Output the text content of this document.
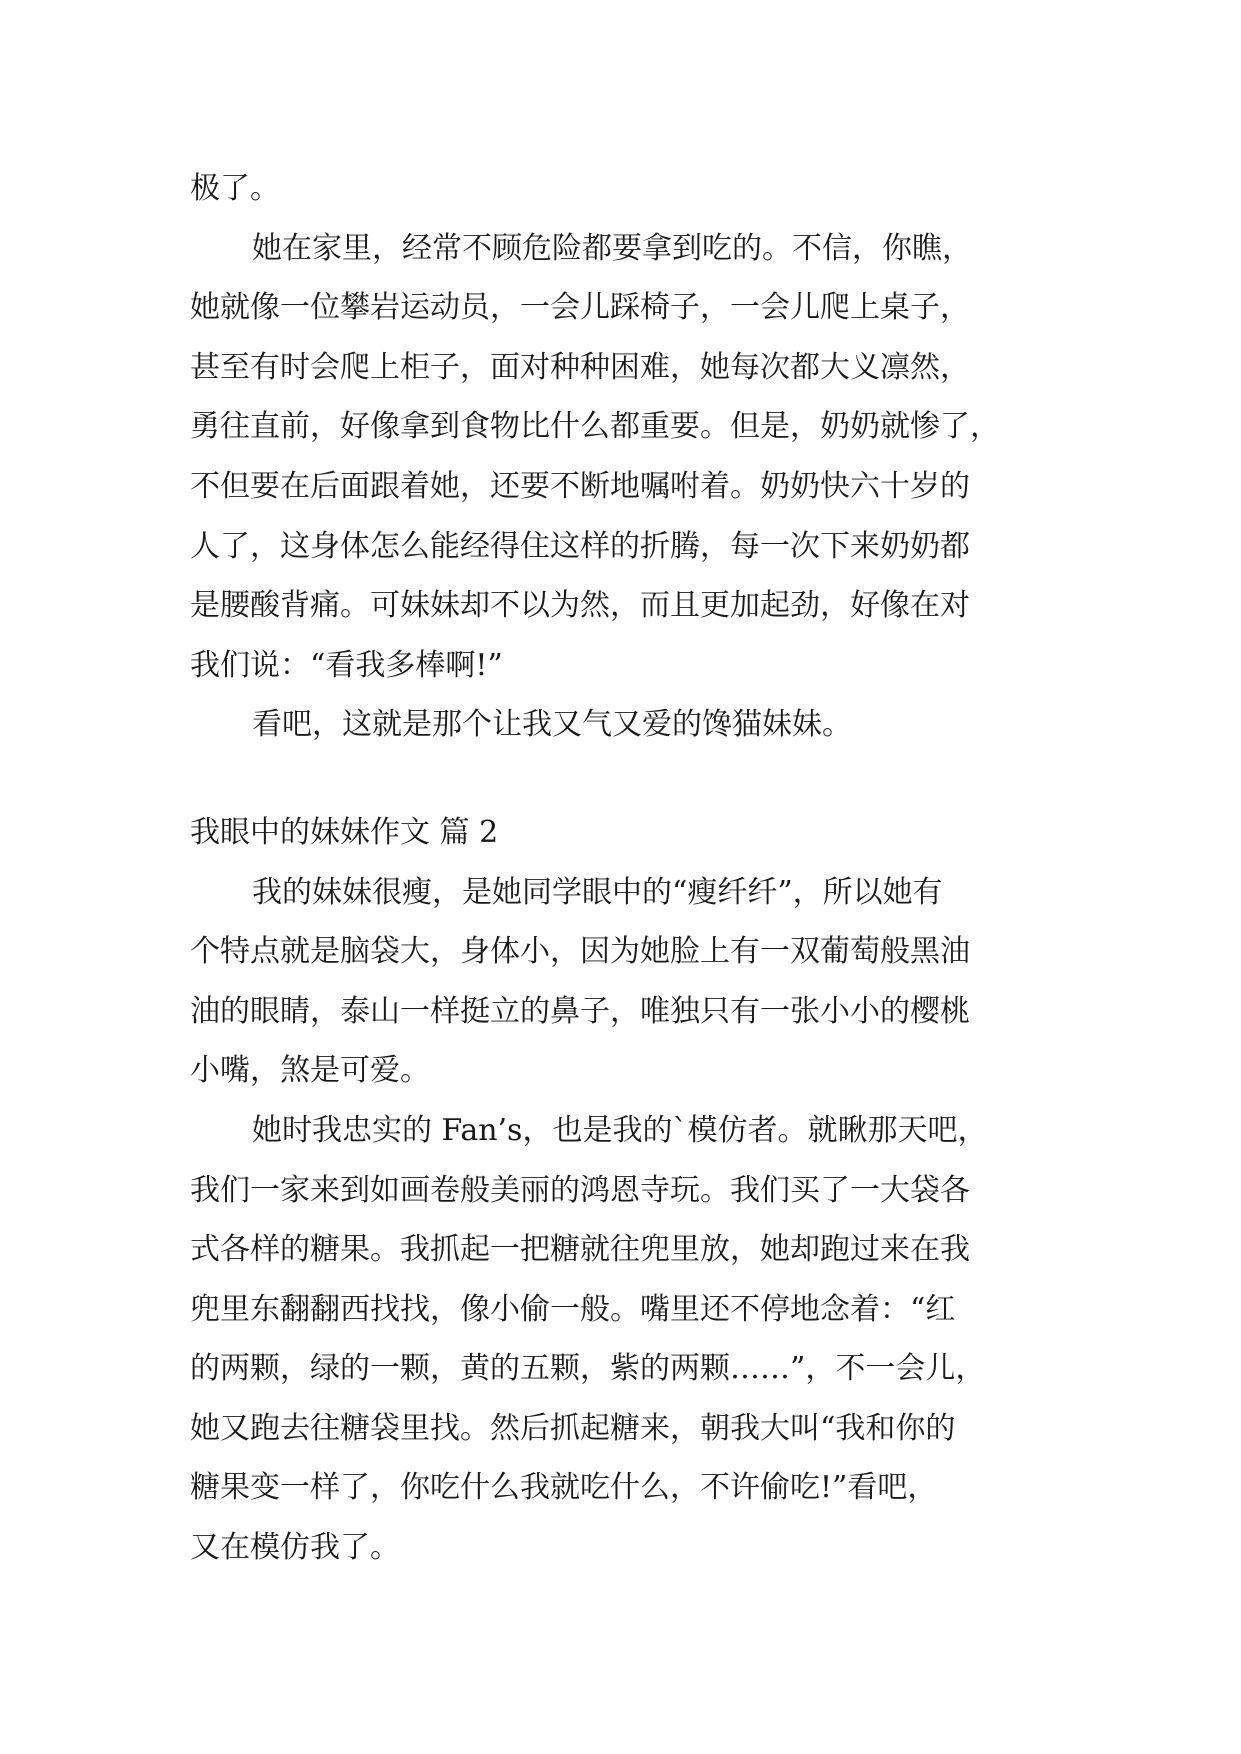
极了。
她在家里，经常不顾危险都要拿到吃的。不信，你瞧，
她就像一位攀岩运动员，一会儿踩椅子，一会儿爬上桌子，
甚至有时会爬上柜子，面对种种困难，她每次都大义凛然，
勇往直前，好像拿到食物比什么都重要。但是，奶奶就惨了，
不但要在后面跟着她，还要不断地嘱咐着。奶奶快六十岁的
人了，这身体怎么能经得住这样的折腾，每一次下来奶奶都
是腰酸背痛。可妹妹却不以为然，而且更加起劲，好像在对
我们说：“看我多棒啊!”
看吧，这就是那个让我又气又爱的馋猫妹妹。
我眼中的妹妹作文 篇 2
我的妹妹很瘦，是她同学眼中的“瘦纤纤”，所以她有
个特点就是脑袋大，身体小，因为她脸上有一双葡萄般黑油
油的眼睛，泰山一样挺立的鼻子，唯独只有一张小小的樱桃
小嘴，煞是可爱。
她时我忠实的 Fan’s，也是我的`模仿者。就瞅那天吧，
我们一家来到如画卷般美丽的鸿恩寺玩。我们买了一大袋各
式各样的糖果。我抓起一把糖就往兜里放，她却跑过来在我
兜里东翻翻西找找，像小偷一般。嘴里还不停地念着：“红
的两颗，绿的一颗，黄的五颗，紫的两颗……”，不一会儿，
她又跑去往糖袋里找。然后抓起糖来，朝我大叫“我和你的
糖果变一样了，你吃什么我就吃什么，不许偷吃!”看吧，
又在模仿我了。
